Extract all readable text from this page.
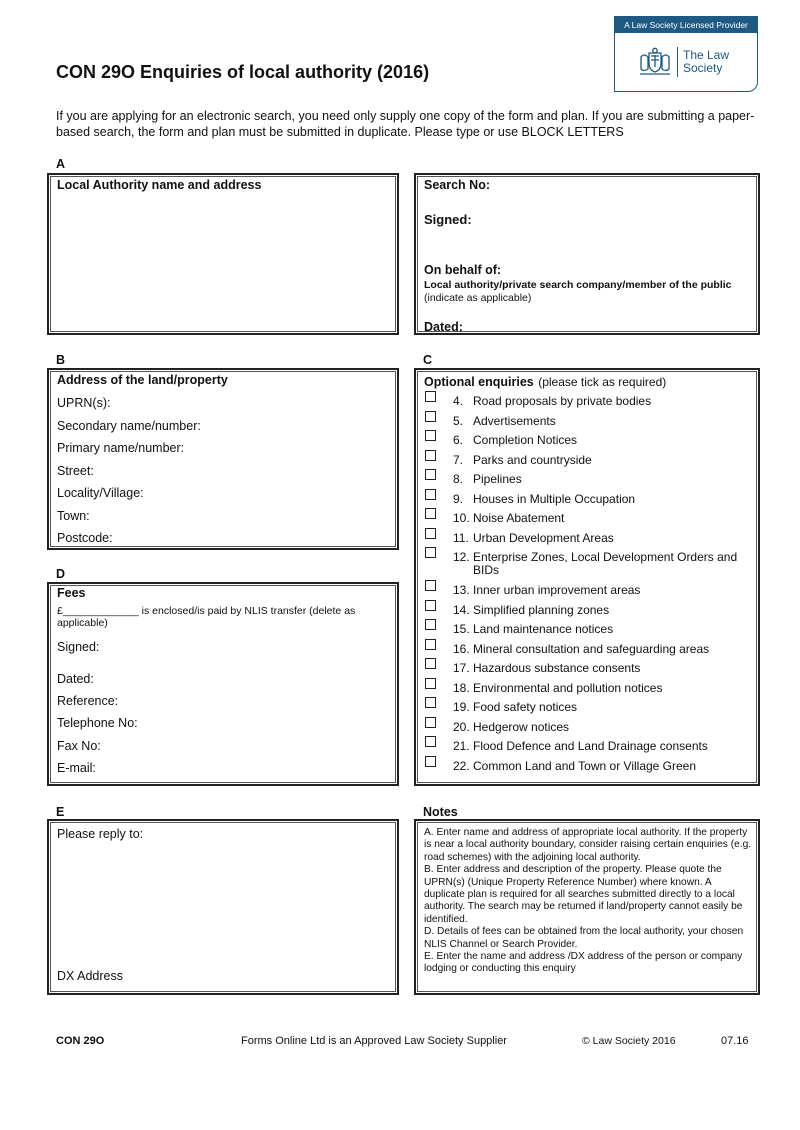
A Law Society Licensed Provider
The Law Society
CON 29O Enquiries of local authority (2016)
If you are applying for an electronic search, you need only supply one copy of the form and plan. If you are submitting a paper-based search, the form and plan must be submitted in duplicate. Please type or use BLOCK LETTERS
A
Local Authority name and address	Search No:
Signed:
On behalf of:
Local authority/private search company/member of the public
(indicate as applicable)
Dated:
B
Address of the land/property
UPRN(s):
Secondary name/number:
Primary name/number:
Street:
Locality/Village:
Town:
Postcode:
C
Optional enquiries (please tick as required)
4. Road proposals by private bodies
5. Advertisements
6. Completion Notices
7. Parks and countryside
8. Pipelines
9. Houses in Multiple Occupation
10. Noise Abatement
11. Urban Development Areas
12. Enterprise Zones, Local Development Orders and BIDs
13. Inner urban improvement areas
14. Simplified planning zones
15. Land maintenance notices
16. Mineral consultation and safeguarding areas
17. Hazardous substance consents
18. Environmental and pollution notices
19. Food safety notices
20. Hedgerow notices
21. Flood Defence and Land Drainage consents
22. Common Land and Town or Village Green
D
Fees
£_____________ is enclosed/is paid by NLIS transfer (delete as applicable)
Signed:
Dated:
Reference:
Telephone No:
Fax No:
E-mail:
E
Please reply to:
DX Address
Notes
A. Enter name and address of appropriate local authority. If the property is near a local authority boundary, consider raising certain enquiries (e.g. road schemes) with the adjoining local authority.
B. Enter address and description of the property. Please quote the UPRN(s) (Unique Property Reference Number) where known. A duplicate plan is required for all searches submitted directly to a local authority. The search may be returned if land/property cannot easily be identified.
D. Details of fees can be obtained from the local authority, your chosen NLIS Channel or Search Provider.
E. Enter the name and address /DX address of the person or company lodging or conducting this enquiry
CON 29O	Forms Online Ltd is an Approved Law Society Supplier	© Law Society 2016	07.16
